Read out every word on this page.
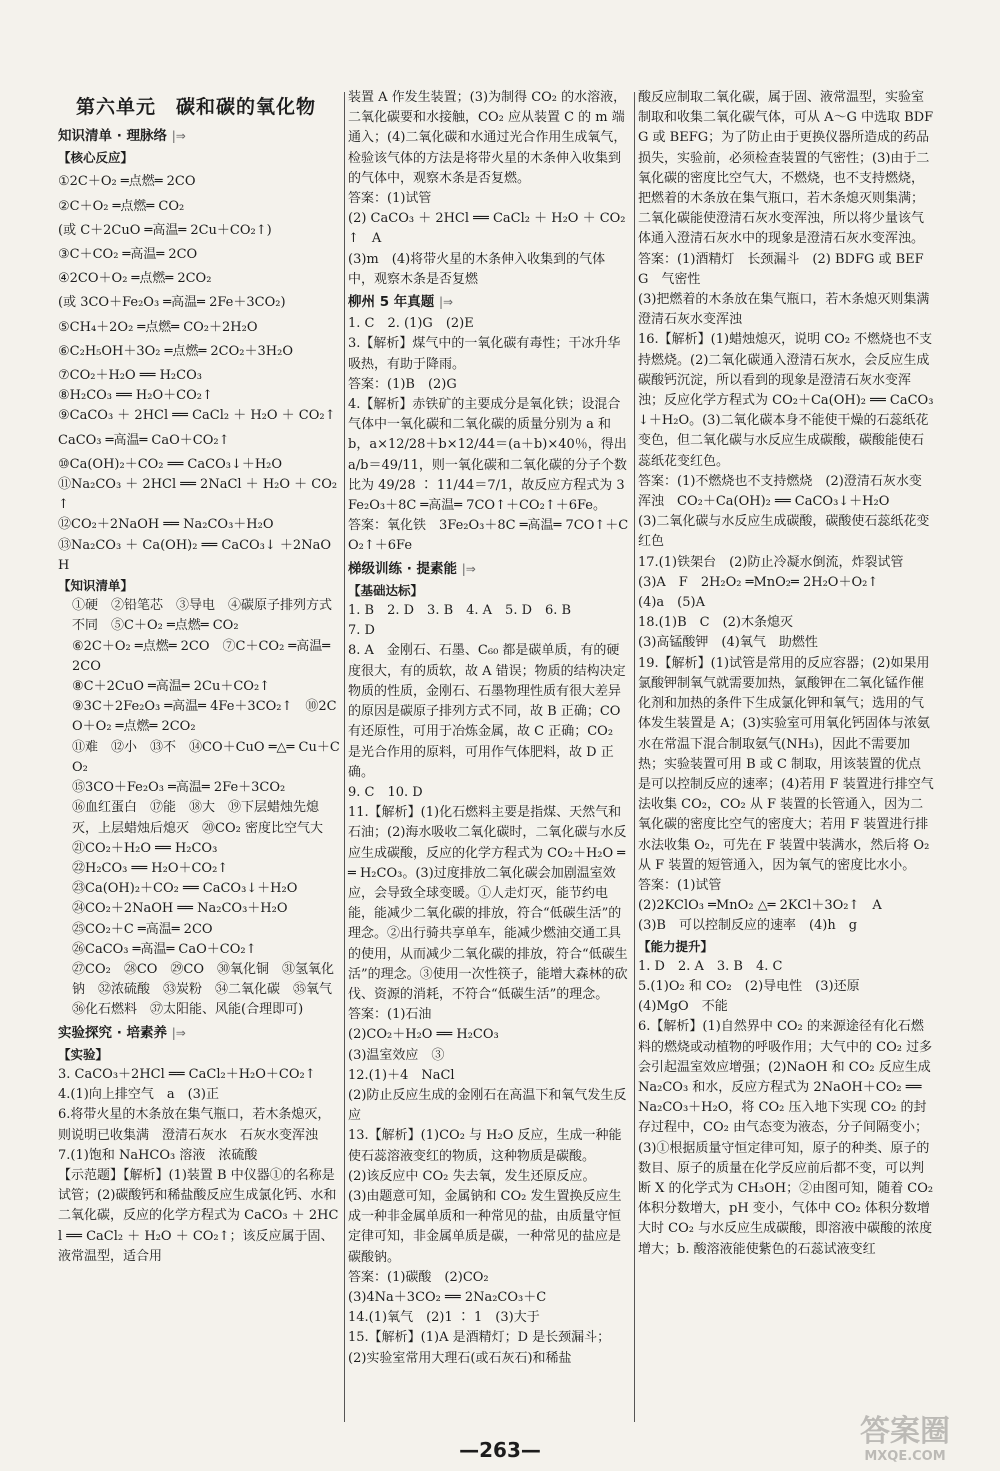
第六单元　碳和碳的氧化物
知识清单 · 理脉络 |⇒
【核心反应】
①2C＋O₂ ═点燃═ 2CO
②C＋O₂ ═点燃═ CO₂
(或 C＋2CuO ═高温═ 2Cu＋CO₂↑)
③C＋CO₂ ═高温═ 2CO
④2CO＋O₂ ═点燃═ 2CO₂
(或 3CO＋Fe₂O₃ ═高温═ 2Fe＋3CO₂)
⑤CH₄＋2O₂ ═点燃═ CO₂＋2H₂O
⑥C₂H₅OH＋3O₂ ═点燃═ 2CO₂＋3H₂O
⑦CO₂＋H₂O ══ H₂CO₃
⑧H₂CO₃ ══ H₂O＋CO₂↑
⑨CaCO₃ ＋ 2HCl ══ CaCl₂ ＋ H₂O ＋ CO₂↑
CaCO₃ ═高温═ CaO＋CO₂↑
⑩Ca(OH)₂＋CO₂ ══ CaCO₃↓＋H₂O
⑪Na₂CO₃ ＋ 2HCl ══ 2NaCl ＋ H₂O ＋ CO₂↑
⑫CO₂＋2NaOH ══ Na₂CO₃＋H₂O
⑬Na₂CO₃ ＋ Ca(OH)₂ ══ CaCO₃↓ ＋2NaOH
【知识清单】
①硬　②铅笔芯　③导电　④碳原子排列方式不同　⑤C＋O₂ ═点燃═ CO₂
⑥2C＋O₂ ═点燃═ 2CO　⑦C＋CO₂ ═高温═ 2CO
⑧C＋2CuO ═高温═ 2Cu＋CO₂↑
⑨3C＋2Fe₂O₃ ═高温═ 4Fe＋3CO₂↑　⑩2CO＋O₂ ═点燃═ 2CO₂
⑪难　⑫小　⑬不　⑭CO＋CuO ═△═ Cu＋CO₂
⑮3CO＋Fe₂O₃ ═高温═ 2Fe＋3CO₂
⑯血红蛋白　⑰能　⑱大　⑲下层蜡烛先熄灭，上层蜡烛后熄灭　⑳CO₂ 密度比空气大　㉑CO₂＋H₂O ══ H₂CO₃
㉒H₂CO₃ ══ H₂O＋CO₂↑
㉓Ca(OH)₂＋CO₂ ══ CaCO₃↓＋H₂O
㉔CO₂＋2NaOH ══ Na₂CO₃＋H₂O
㉕CO₂＋C ═高温═ 2CO
㉖CaCO₃ ═高温═ CaO＋CO₂↑
㉗CO₂　㉘CO　㉙CO　㉚氧化铜　㉛氢氧化钠　㉜浓硫酸　㉝炭粉　㉞二氧化碳　㉟氧气　㊱化石燃料　㊲太阳能、风能(合理即可)
实验探究 · 培素养 |⇒
【实验】
3. CaCO₃＋2HCl ══ CaCl₂＋H₂O＋CO₂↑
4.(1)向上排空气　a　(3)正
6.将带火星的木条放在集气瓶口，若木条熄灭，则说明已收集满　澄清石灰水　石灰水变浑浊
7.(1)饱和 NaHCO₃ 溶液　浓硫酸
【示范题】【解析】(1)装置 B 中仪器①的名称是试管；(2)碳酸钙和稀盐酸反应生成氯化钙、水和二氧化碳，反应的化学方程式为 CaCO₃ ＋ 2HCl ══ CaCl₂ ＋ H₂O ＋ CO₂↑；该反应属于固、液常温型，适合用
装置 A 作发生装置；(3)为制得 CO₂ 的水溶液，二氧化碳要和水接触，CO₂ 应从装置 C 的 m 端通入；(4)二氧化碳和水通过光合作用生成氧气，检验该气体的方法是将带火星的木条伸入收集到的气体中，观察木条是否复燃。
答案：(1)试管
(2) CaCO₃ ＋ 2HCl ══ CaCl₂ ＋ H₂O ＋ CO₂↑　A
(3)m　(4)将带火星的木条伸入收集到的气体中，观察木条是否复燃
柳州 5 年真题 |⇒
1. C　2. (1)G　(2)E
3.【解析】煤气中的一氧化碳有毒性；干冰升华吸热，有助于降雨。
答案：(1)B　(2)G
4.【解析】赤铁矿的主要成分是氧化铁；设混合气体中一氧化碳和二氧化碳的质量分别为 a 和 b，a×12/28＋b×12/44＝(a＋b)×40％，得出 a/b＝49/11，则一氧化碳和二氧化碳的分子个数比为 49/28 ∶ 11/44＝7/1，故反应方程式为 3Fe₂O₃＋8C ═高温═ 7CO↑＋CO₂↑＋6Fe。
答案：氧化铁　3Fe₂O₃＋8C ═高温═ 7CO↑＋CO₂↑＋6Fe
梯级训练 · 提素能 |⇒
【基础达标】
1. B　2. D　3. B　4. A　5. D　6. B
7. D
8. A　金刚石、石墨、C₆₀ 都是碳单质，有的硬度很大，有的质软，故 A 错误；物质的结构决定物质的性质，金刚石、石墨物理性质有很大差异的原因是碳原子排列方式不同，故 B 正确；CO 有还原性，可用于冶炼金属，故 C 正确；CO₂ 是光合作用的原料，可用作气体肥料，故 D 正确。
9. C　10. D
11.【解析】(1)化石燃料主要是指煤、天然气和石油；(2)海水吸收二氧化碳时，二氧化碳与水反应生成碳酸，反应的化学方程式为 CO₂＋H₂O ══ H₂CO₃。(3)过度排放二氧化碳会加剧温室效应，会导致全球变暖。①人走灯灭，能节约电能，能减少二氧化碳的排放，符合“低碳生活”的理念。②出行骑共享单车，能减少燃油交通工具的使用，从而减少二氧化碳的排放，符合“低碳生活”的理念。③使用一次性筷子，能增大森林的砍伐、资源的消耗，不符合“低碳生活”的理念。
答案：(1)石油
(2)CO₂＋H₂O ══ H₂CO₃
(3)温室效应　③
12.(1)＋4　NaCl
(2)防止反应生成的金刚石在高温下和氧气发生反应
13.【解析】(1)CO₂ 与 H₂O 反应，生成一种能使石蕊溶液变红的物质，这种物质是碳酸。
(2)该反应中 CO₂ 失去氧，发生还原反应。
(3)由题意可知，金属钠和 CO₂ 发生置换反应生成一种非金属单质和一种常见的盐，由质量守恒定律可知，非金属单质是碳，一种常见的盐应是碳酸钠。
答案：(1)碳酸　(2)CO₂
(3)4Na＋3CO₂ ══ 2Na₂CO₃＋C
14.(1)氧气　(2)1 ∶ 1　(3)大于
15.【解析】(1)A 是酒精灯；D 是长颈漏斗；
(2)实验室常用大理石(或石灰石)和稀盐
酸反应制取二氧化碳，属于固、液常温型，实验室制取和收集二氧化碳气体，可从 A～G 中选取 BDFG 或 BEFG；为了防止由于更换仪器所造成的药品损失，实验前，必须检查装置的气密性；(3)由于二氧化碳的密度比空气大，不燃烧，也不支持燃烧，把燃着的木条放在集气瓶口，若木条熄灭则集满；二氧化碳能使澄清石灰水变浑浊，所以将少量该气体通入澄清石灰水中的现象是澄清石灰水变浑浊。
答案：(1)酒精灯　长颈漏斗　(2) BDFG 或 BEFG　气密性
(3)把燃着的木条放在集气瓶口，若木条熄灭则集满　澄清石灰水变浑浊
16.【解析】(1)蜡烛熄灭，说明 CO₂ 不燃烧也不支持燃烧。(2)二氧化碳通入澄清石灰水，会反应生成碳酸钙沉淀，所以看到的现象是澄清石灰水变浑浊；反应化学方程式为 CO₂＋Ca(OH)₂ ══ CaCO₃↓＋H₂O。(3)二氧化碳本身不能使干燥的石蕊纸花变色，但二氧化碳与水反应生成碳酸，碳酸能使石蕊纸花变红色。
答案：(1)不燃烧也不支持燃烧　(2)澄清石灰水变浑浊　CO₂＋Ca(OH)₂ ══ CaCO₃↓＋H₂O
(3)二氧化碳与水反应生成碳酸，碳酸使石蕊纸花变红色
17.(1)铁架台　(2)防止冷凝水倒流，炸裂试管
(3)A　F　2H₂O₂ ═MnO₂═ 2H₂O＋O₂↑
(4)a　(5)A
18.(1)B　C　(2)木条熄灭
(3)高锰酸钾　(4)氧气　助燃性
19.【解析】(1)试管是常用的反应容器；(2)如果用氯酸钾制氧气就需要加热，氯酸钾在二氧化锰作催化剂和加热的条件下生成氯化钾和氧气；选用的气体发生装置是 A；(3)实验室可用氧化钙固体与浓氨水在常温下混合制取氨气(NH₃)，因此不需要加热；实验装置可用 B 或 C 制取，用该装置的优点是可以控制反应的速率；(4)若用 F 装置进行排空气法收集 CO₂，CO₂ 从 F 装置的长管通入，因为二氧化碳的密度比空气的密度大；若用 F 装置进行排水法收集 O₂，可先在 F 装置中装满水，然后将 O₂ 从 F 装置的短管通入，因为氧气的密度比水小。
答案：(1)试管
(2)2KClO₃ ═MnO₂ △═ 2KCl＋3O₂↑　A
(3)B　可以控制反应的速率　(4)h　g
【能力提升】
1. D　2. A　3. B　4. C
5.(1)O₂ 和 CO₂　(2)导电性　(3)还原
(4)MgO　不能
6.【解析】(1)自然界中 CO₂ 的来源途径有化石燃料的燃烧或动植物的呼吸作用；大气中的 CO₂ 过多会引起温室效应增强；(2)NaOH 和 CO₂ 反应生成 Na₂CO₃ 和水，反应方程式为 2NaOH＋CO₂ ══ Na₂CO₃＋H₂O，将 CO₂ 压入地下实现 CO₂ 的封存过程中，CO₂ 由气态变为液态，分子间隔变小；(3)①根据质量守恒定律可知，原子的种类、原子的数目、原子的质量在化学反应前后都不变，可以判断 X 的化学式为 CH₃OH；②由图可知，随着 CO₂ 体积分数增大，pH 变小，气体中 CO₂ 体积分数增大时 CO₂ 与水反应生成碳酸，即溶液中碳酸的浓度增大；b. 酸溶液能使紫色的石蕊试液变红
—263—
答案圈
MXQE.COM
